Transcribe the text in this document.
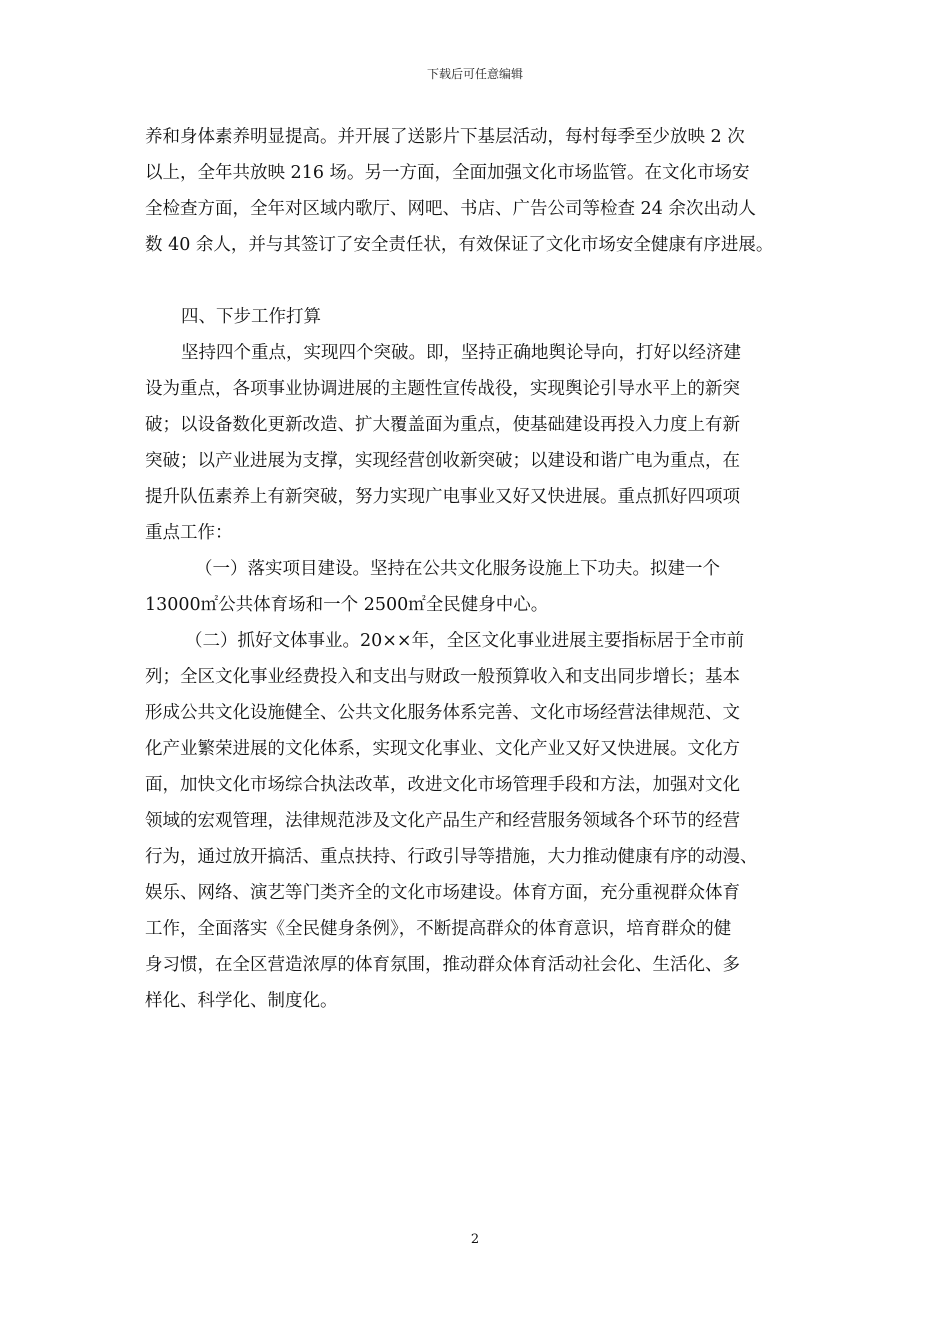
下载后可任意编辑
养和身体素养明显提高。并开展了送影片下基层活动，每村每季至少放映 2 次
以上，全年共放映 216 场。另一方面，全面加强文化市场监管。在文化市场安
全检查方面，全年对区域内歌厅、网吧、书店、广告公司等检查 24 余次出动人
数 40 余人，并与其签订了安全责任状，有效保证了文化市场安全健康有序进展。
四、下步工作打算
坚持四个重点，实现四个突破。即，坚持正确地舆论导向，打好以经济建
设为重点，各项事业协调进展的主题性宣传战役，实现舆论引导水平上的新突
破；以设备数化更新改造、扩大覆盖面为重点，使基础建设再投入力度上有新
突破；以产业进展为支撑，实现经营创收新突破；以建设和谐广电为重点，在
提升队伍素养上有新突破，努力实现广电事业又好又快进展。重点抓好四项项
重点工作：
（一）落实项目建设。坚持在公共文化服务设施上下功夫。拟建一个
13000㎡公共体育场和一个 2500㎡全民健身中心。
（二）抓好文体事业。20××年，全区文化事业进展主要指标居于全市前
列；全区文化事业经费投入和支出与财政一般预算收入和支出同步增长；基本
形成公共文化设施健全、公共文化服务体系完善、文化市场经营法律规范、文
化产业繁荣进展的文化体系，实现文化事业、文化产业又好又快进展。文化方
面，加快文化市场综合执法改革，改进文化市场管理手段和方法，加强对文化
领域的宏观管理，法律规范涉及文化产品生产和经营服务领域各个环节的经营
行为，通过放开搞活、重点扶持、行政引导等措施，大力推动健康有序的动漫、
娱乐、网络、演艺等门类齐全的文化市场建设。体育方面，充分重视群众体育
工作，全面落实《全民健身条例》，不断提高群众的体育意识，培育群众的健
身习惯，在全区营造浓厚的体育氛围，推动群众体育活动社会化、生活化、多
样化、科学化、制度化。
2
